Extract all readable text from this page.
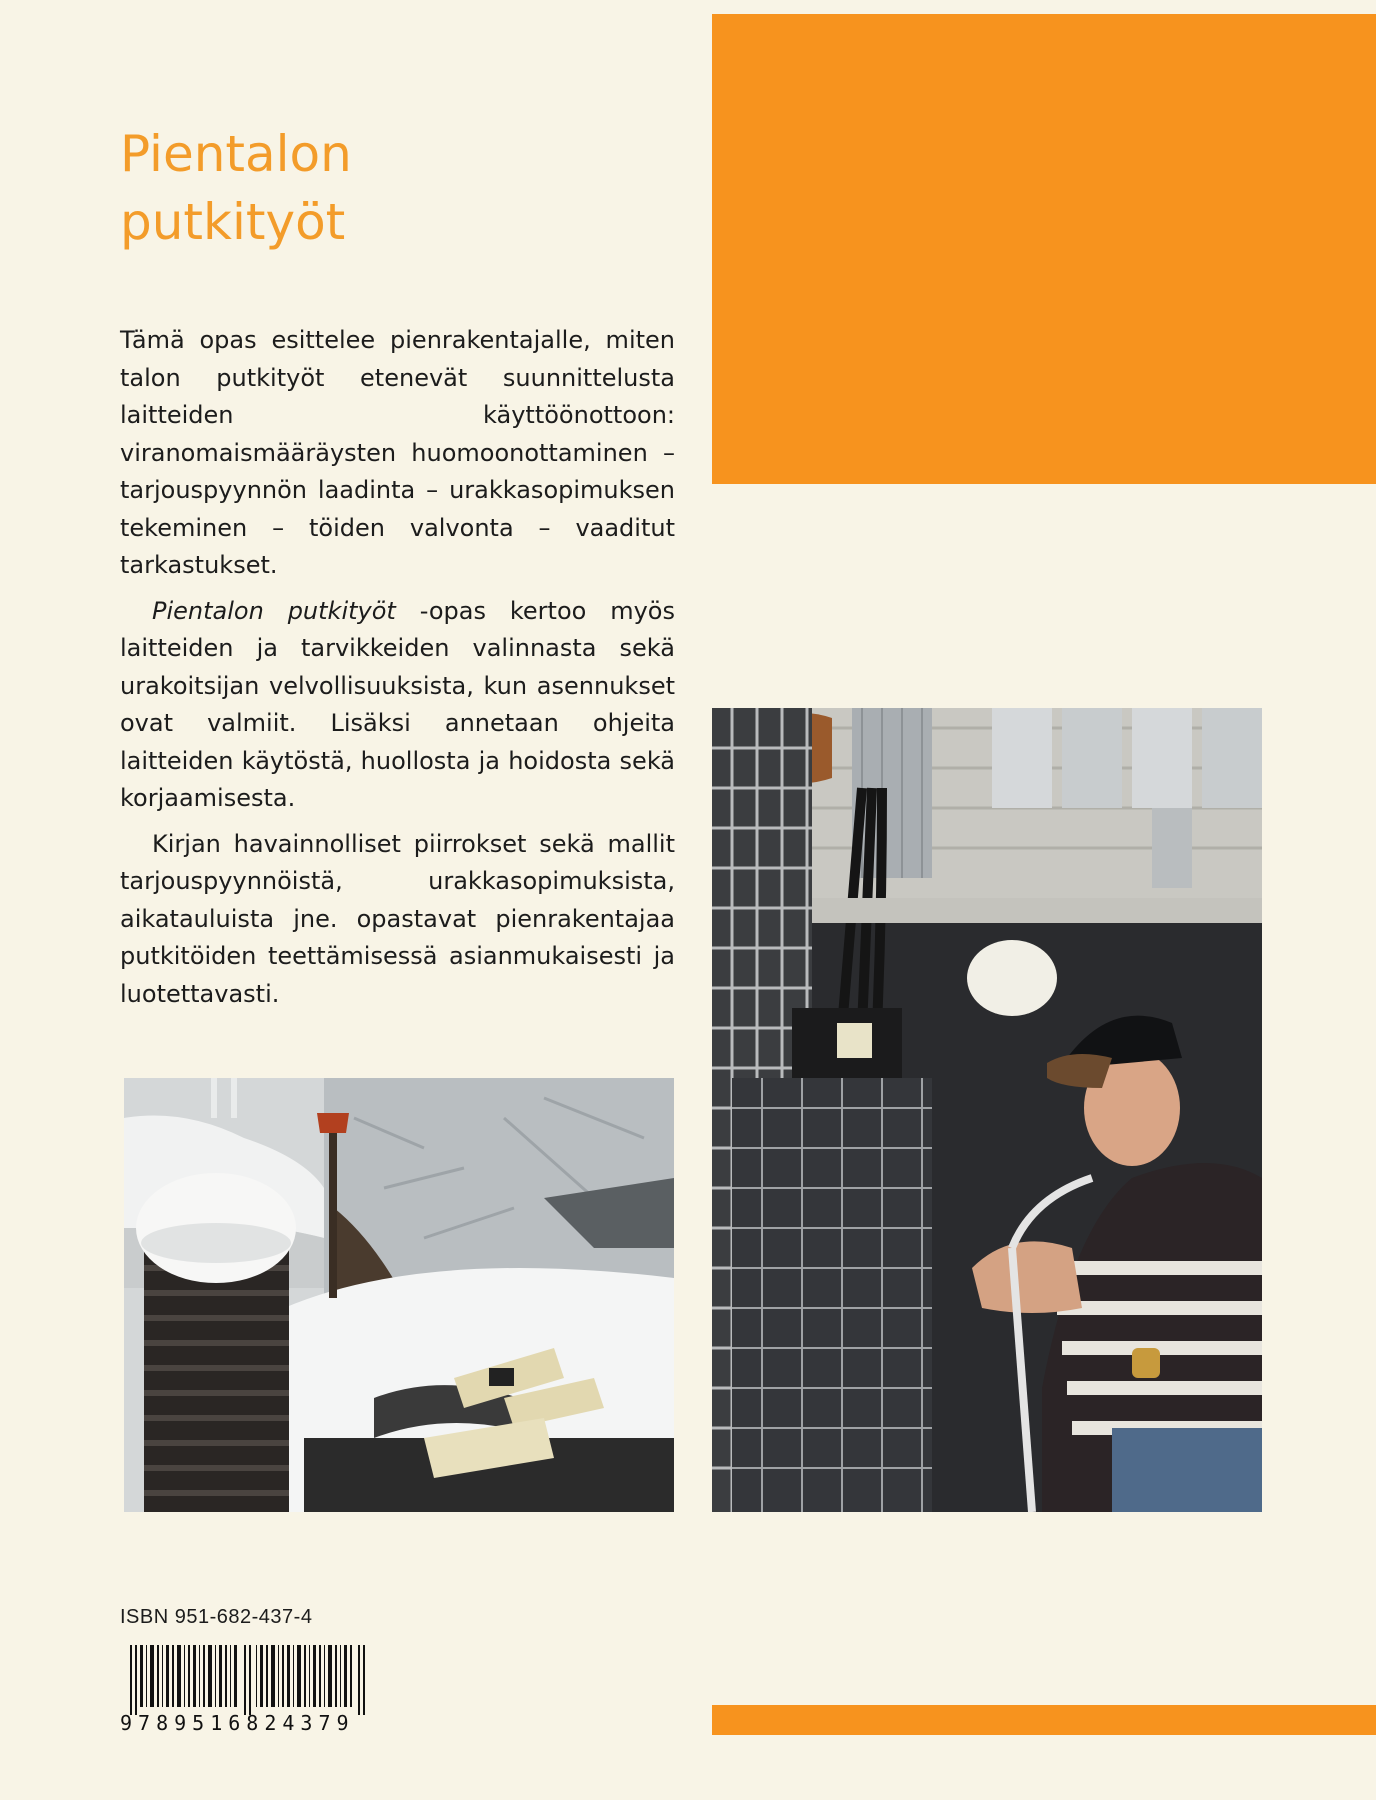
Pientalon
putkityöt

Tämä opas esittelee pienrakentajalle, miten talon putkityöt etenevät suunnittelusta laitteiden käyttöönottoon: viranomaismääräysten huomoonottaminen – tarjouspyynnön laadinta – urakkasopimuksen tekeminen – töiden valvonta – vaaditut tarkastukset.

Pientalon putkityöt -opas kertoo myös laitteiden ja tarvikkeiden valinnasta sekä urakoitsijan velvollisuuksista, kun asennukset ovat valmiit. Lisäksi annetaan ohjeita laitteiden käytöstä, huollosta ja hoidosta sekä korjaamisesta.

Kirjan havainnolliset piirrokset sekä mallit tarjouspyynnöistä, urakkasopimuksista, aikatauluista jne. opastavat pienrakentajaa putkitöiden teettämisessä asianmukaisesti ja luotettavasti.

ISBN 951-682-437-4
9789516824379
